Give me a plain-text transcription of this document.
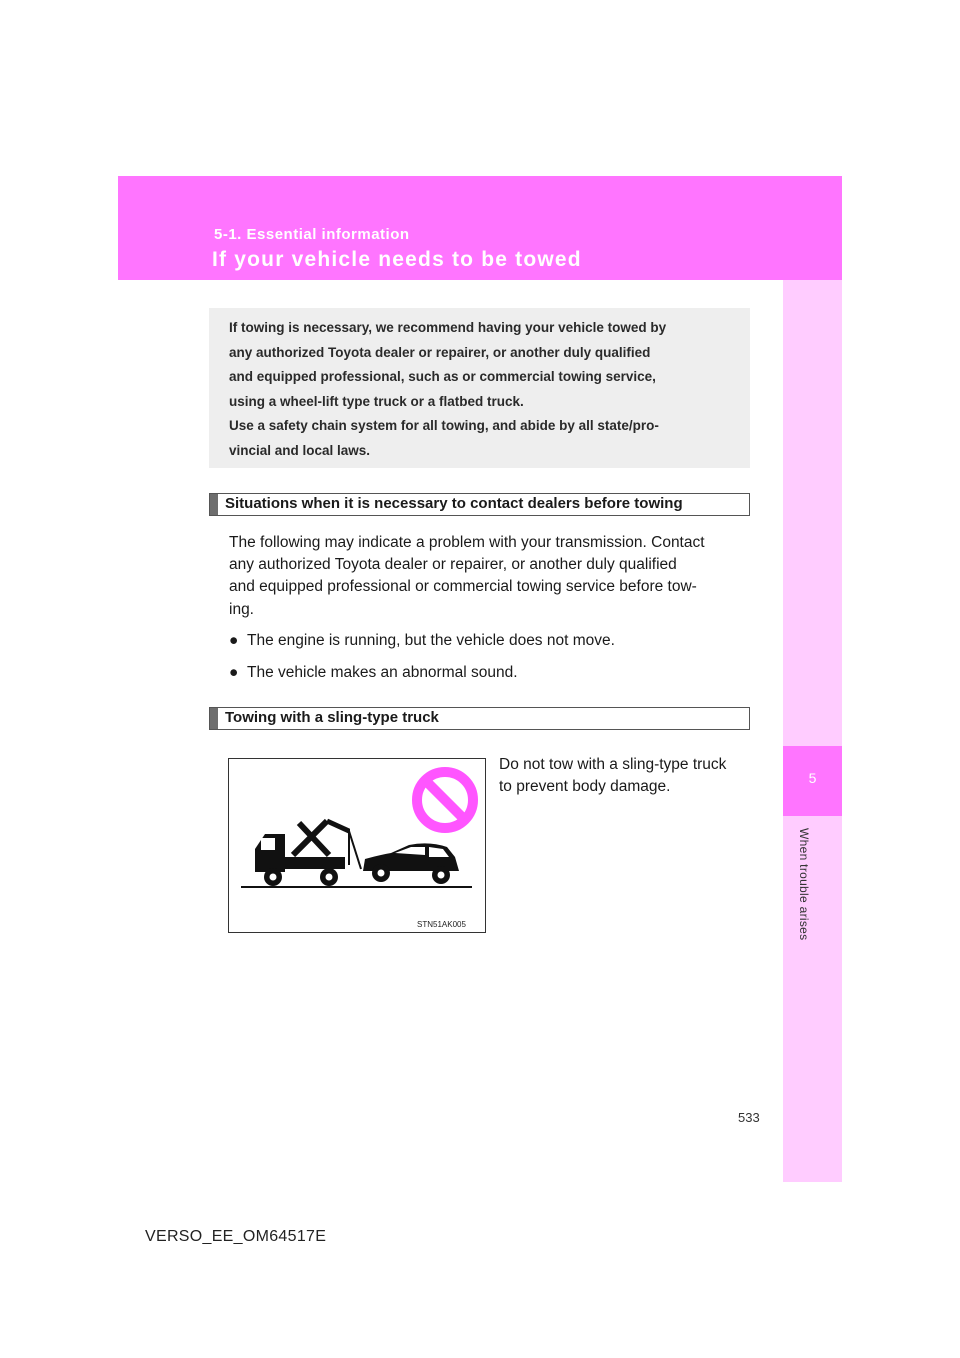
5-1. Essential information
If your vehicle needs to be towed
5
When trouble arises
If towing is necessary, we recommend having your vehicle towed by
any authorized Toyota dealer or repairer, or another duly qualified
and equipped professional, such as or commercial towing service,
using a wheel-lift type truck or a flatbed truck.
Use a safety chain system for all towing, and abide by all state/pro-
vincial and local laws.
Situations when it is necessary to contact dealers before towing
The following may indicate a problem with your transmission. Contact
any authorized Toyota dealer or repairer, or another duly qualified
and equipped professional or commercial towing service before tow-
ing.
● The engine is running, but the vehicle does not move.
● The vehicle makes an abnormal sound.
Towing with a sling-type truck
STN51AK005
Do not tow with a sling-type truck
to prevent body damage.
533
VERSO_EE_OM64517E
